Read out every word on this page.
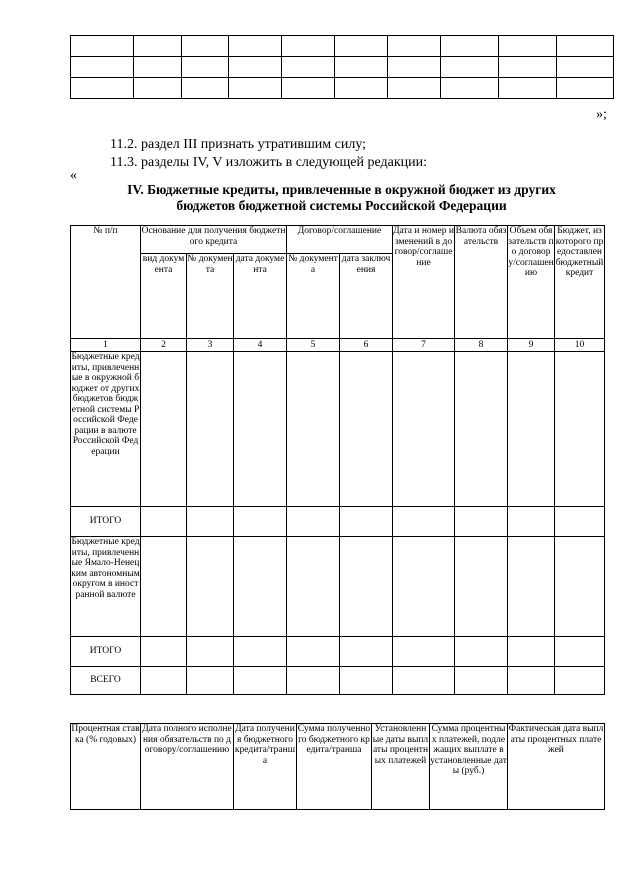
»;
11.2. раздел III признать утратившим силу;
11.3. разделы IV, V изложить в следующей редакции:
«
IV. Бюджетные кредиты, привлеченные в окружной бюджет из других
бюджетов бюджетной системы Российской Федерации
№ п/п	Основание для получения бюджетного кредита			Договор/соглашение		Дата и номер изменений в договор/соглашение	Валюта обязательств	Объем обязательств по договору/соглашению	Бюджет, из которого предоставлен бюджетный кредит
	вид документа	№ документа	дата документа	№ документа	дата заключения				
1	2	3	4	5	6	7	8	9	10
Бюджетные кредиты, привлеченные в окружной бюджет от других бюджетов бюджетной системы Российской Федерации в валюте Российской Федерации									
ИТОГО									
Бюджетные кредиты, привлеченные Ямало-Ненецким автономным округом в иностранной валюте									
ИТОГО									
ВСЕГО									
Процентная ставка (% годовых)	Дата полного исполнения обязательств по договору/соглашению	Дата получения бюджетного кредита/транша	Сумма полученного бюджетного кредита/транша	Установленные даты выплаты процентных платежей	Сумма процентных платежей, подлежащих выплате в установленные даты (руб.)	Фактическая дата выплаты процентных платежей
